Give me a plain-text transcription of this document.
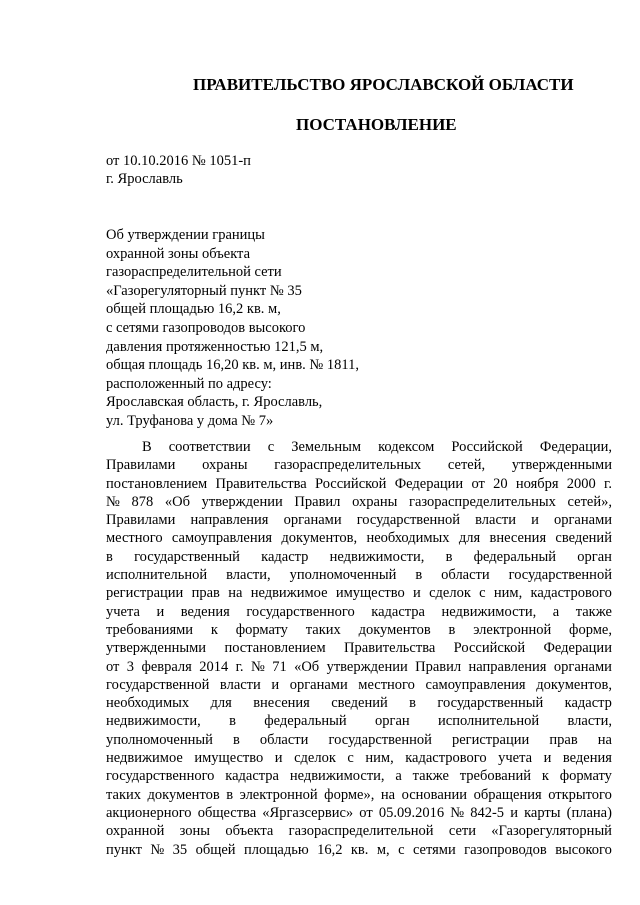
ПРАВИТЕЛЬСТВО ЯРОСЛАВСКОЙ ОБЛАСТИ
ПОСТАНОВЛЕНИЕ
от 10.10.2016 № 1051-п
г. Ярославль
Об утверждении границы
охранной зоны объекта
газораспределительной сети
«Газорегуляторный пункт № 35
общей площадью 16,2 кв. м,
с сетями газопроводов высокого
давления протяженностью 121,5 м,
общая площадь 16,20 кв. м, инв. № 1811,
расположенный по адресу:
Ярославская область, г. Ярославль,
ул. Труфанова у дома № 7»
В соответствии с Земельным кодексом Российской Федерации,
Правилами охраны газораспределительных сетей, утвержденными
постановлением Правительства Российской Федерации от 20 ноября 2000 г.
№ 878 «Об утверждении Правил охраны газораспределительных сетей»,
Правилами направления органами государственной власти и органами
местного самоуправления документов, необходимых для внесения сведений
в государственный кадастр недвижимости, в федеральный орган
исполнительной власти, уполномоченный в области государственной
регистрации прав на недвижимое имущество и сделок с ним, кадастрового
учета и ведения государственного кадастра недвижимости, а также
требованиями к формату таких документов в электронной форме,
утвержденными постановлением Правительства Российской Федерации
от 3 февраля 2014 г. № 71 «Об утверждении Правил направления органами
государственной власти и органами местного самоуправления документов,
необходимых для внесения сведений в государственный кадастр
недвижимости, в федеральный орган исполнительной власти,
уполномоченный в области государственной регистрации прав на
недвижимое имущество и сделок с ним, кадастрового учета и ведения
государственного кадастра недвижимости, а также требований к формату
таких документов в электронной форме», на основании обращения открытого
акционерного общества «Яргазсервис» от 05.09.2016 № 842-5 и карты (плана)
охранной зоны объекта газораспределительной сети «Газорегуляторный
пункт № 35 общей площадью 16,2 кв. м, с сетями газопроводов высокого
